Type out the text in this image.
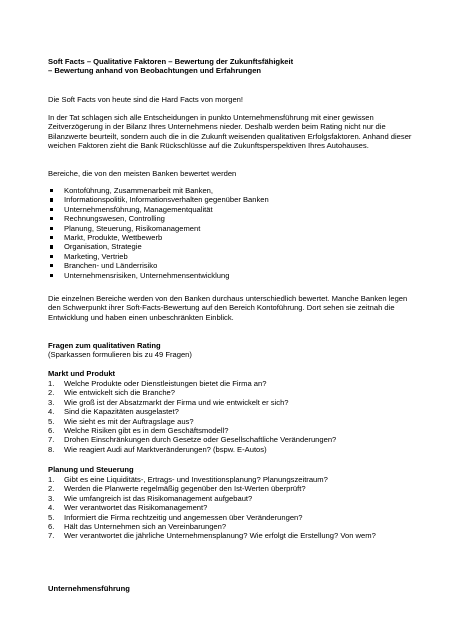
Soft Facts – Qualitative Faktoren – Bewertung der Zukunftsfähigkeit

– Bewertung anhand von Beobachtungen und Erfahrungen

Die Soft Facts von heute sind die Hard Facts von morgen!

In der Tat schlagen sich alle Entscheidungen in punkto Unternehmensführung mit einer gewissen Zeitverzögerung in der Bilanz Ihres Unternehmens nieder. Deshalb werden beim Rating nicht nur die Bilanzwerte beurteilt, sondern auch die in die Zukunft weisenden qualitativen Erfolgsfaktoren. Anhand dieser weichen Faktoren zieht die Bank Rückschlüsse auf die Zukunftsperspektiven Ihres Autohauses.

Bereiche, die von den meisten Banken bewertet werden

Kontoführung, Zusammenarbeit mit Banken,
Informationspolitik, Informationsverhalten gegenüber Banken
Unternehmensführung, Managementqualität
Rechnungswesen, Controlling
Planung, Steuerung, Risikomanagement
Markt, Produkte, Wettbewerb
Organisation, Strategie
Marketing, Vertrieb
Branchen- und Länderrisiko
Unternehmensrisiken, Unternehmensentwicklung

Die einzelnen Bereiche werden von den Banken durchaus unterschiedlich bewertet. Manche Banken legen den Schwerpunkt ihrer Soft-Facts-Bewertung auf den Bereich Kontoführung. Dort sehen sie zeitnah die Entwicklung und haben einen unbeschränkten Einblick.

Fragen zum qualitativen Rating

(Sparkassen formulieren bis zu 49 Fragen)

Markt und Produkt

1. Welche Produkte oder Dienstleistungen bietet die Firma an?
2. Wie entwickelt sich die Branche?
3. Wie groß ist der Absatzmarkt der Firma und wie entwickelt er sich?
4. Sind die Kapazitäten ausgelastet?
5. Wie sieht es mit der Auftragslage aus?
6. Welche Risiken gibt es in dem Geschäftsmodell?
7. Drohen Einschränkungen durch Gesetze oder Gesellschaftliche Veränderungen?
8. Wie reagiert Audi auf Marktveränderungen? (bspw. E-Autos)

Planung und Steuerung

1. Gibt es eine Liquiditäts-, Ertrags- und Investitionsplanung? Planungszeitraum?
2. Werden die Planwerte regelmäßig gegenüber den Ist-Werten überprüft?
3. Wie umfangreich ist das Risikomanagement aufgebaut?
4. Wer verantwortet das Risikomanagement?
5. Informiert die Firma rechtzeitig und angemessen über Veränderungen?
6. Hält das Unternehmen sich an Vereinbarungen?
7. Wer verantwortet die jährliche Unternehmensplanung? Wie erfolgt die Erstellung? Von wem?

Unternehmensführung
